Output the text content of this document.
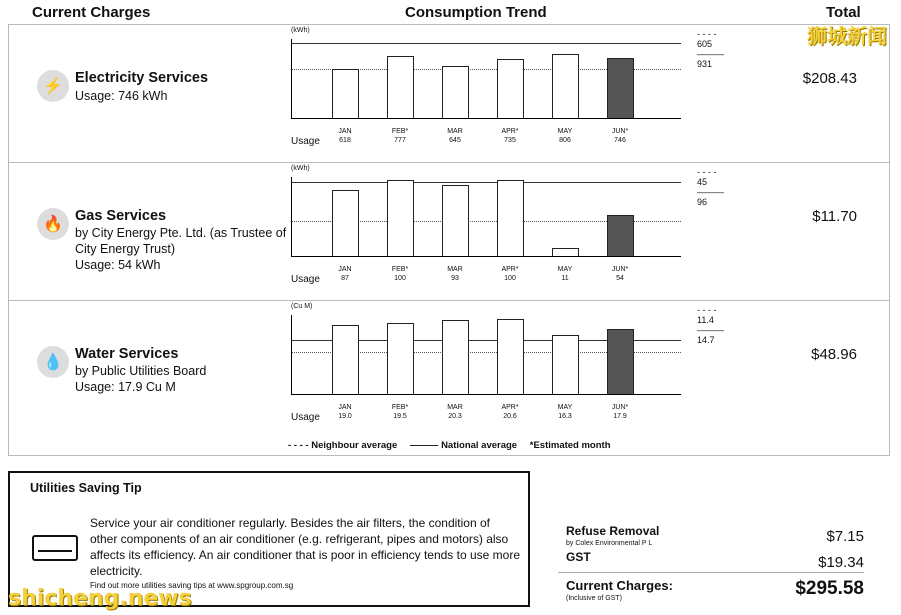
Current Charges	Consumption Trend	Total
狮城新闻
⚡ Electricity Services
Usage: 746 kWh
$208.43
(kWh)
Usage
JAN
618
FEB*
777
MAR
645
APR*
735
MAY
806
JUN*
746
- - - - 605
——— 931
🔥 Gas Services
by City Energy Pte. Ltd. (as Trustee of City Energy Trust)
Usage: 54 kWh
$11.70
(kWh)
Usage
JAN
87
FEB*
100
MAR
93
APR*
100
MAY
11
JUN*
54
- - - - 45
——— 96
💧 Water Services
by Public Utilities Board
Usage: 17.9 Cu M
$48.96
(Cu M)
Usage
JAN
19.0
FEB*
19.5
MAR
20.3
APR*
20.6
MAY
16.3
JUN*
17.9
- - - - 11.4
——— 14.7
- - - - Neighbour average ——— National average *Estimated month
Utilities Saving Tip
Service your air conditioner regularly. Besides the air filters, the condition of other components of an air conditioner (e.g. refrigerant, pipes and motors) also affects its efficiency. An air conditioner that is poor in efficiency tends to use more electricity.
Find out more utilities saving tips at www.spgroup.com.sg
Refuse Removal
by Colex Environmental P L	$7.15
GST	$19.34
Current Charges:
(Inclusive of GST)	$295.58
shicheng.news
